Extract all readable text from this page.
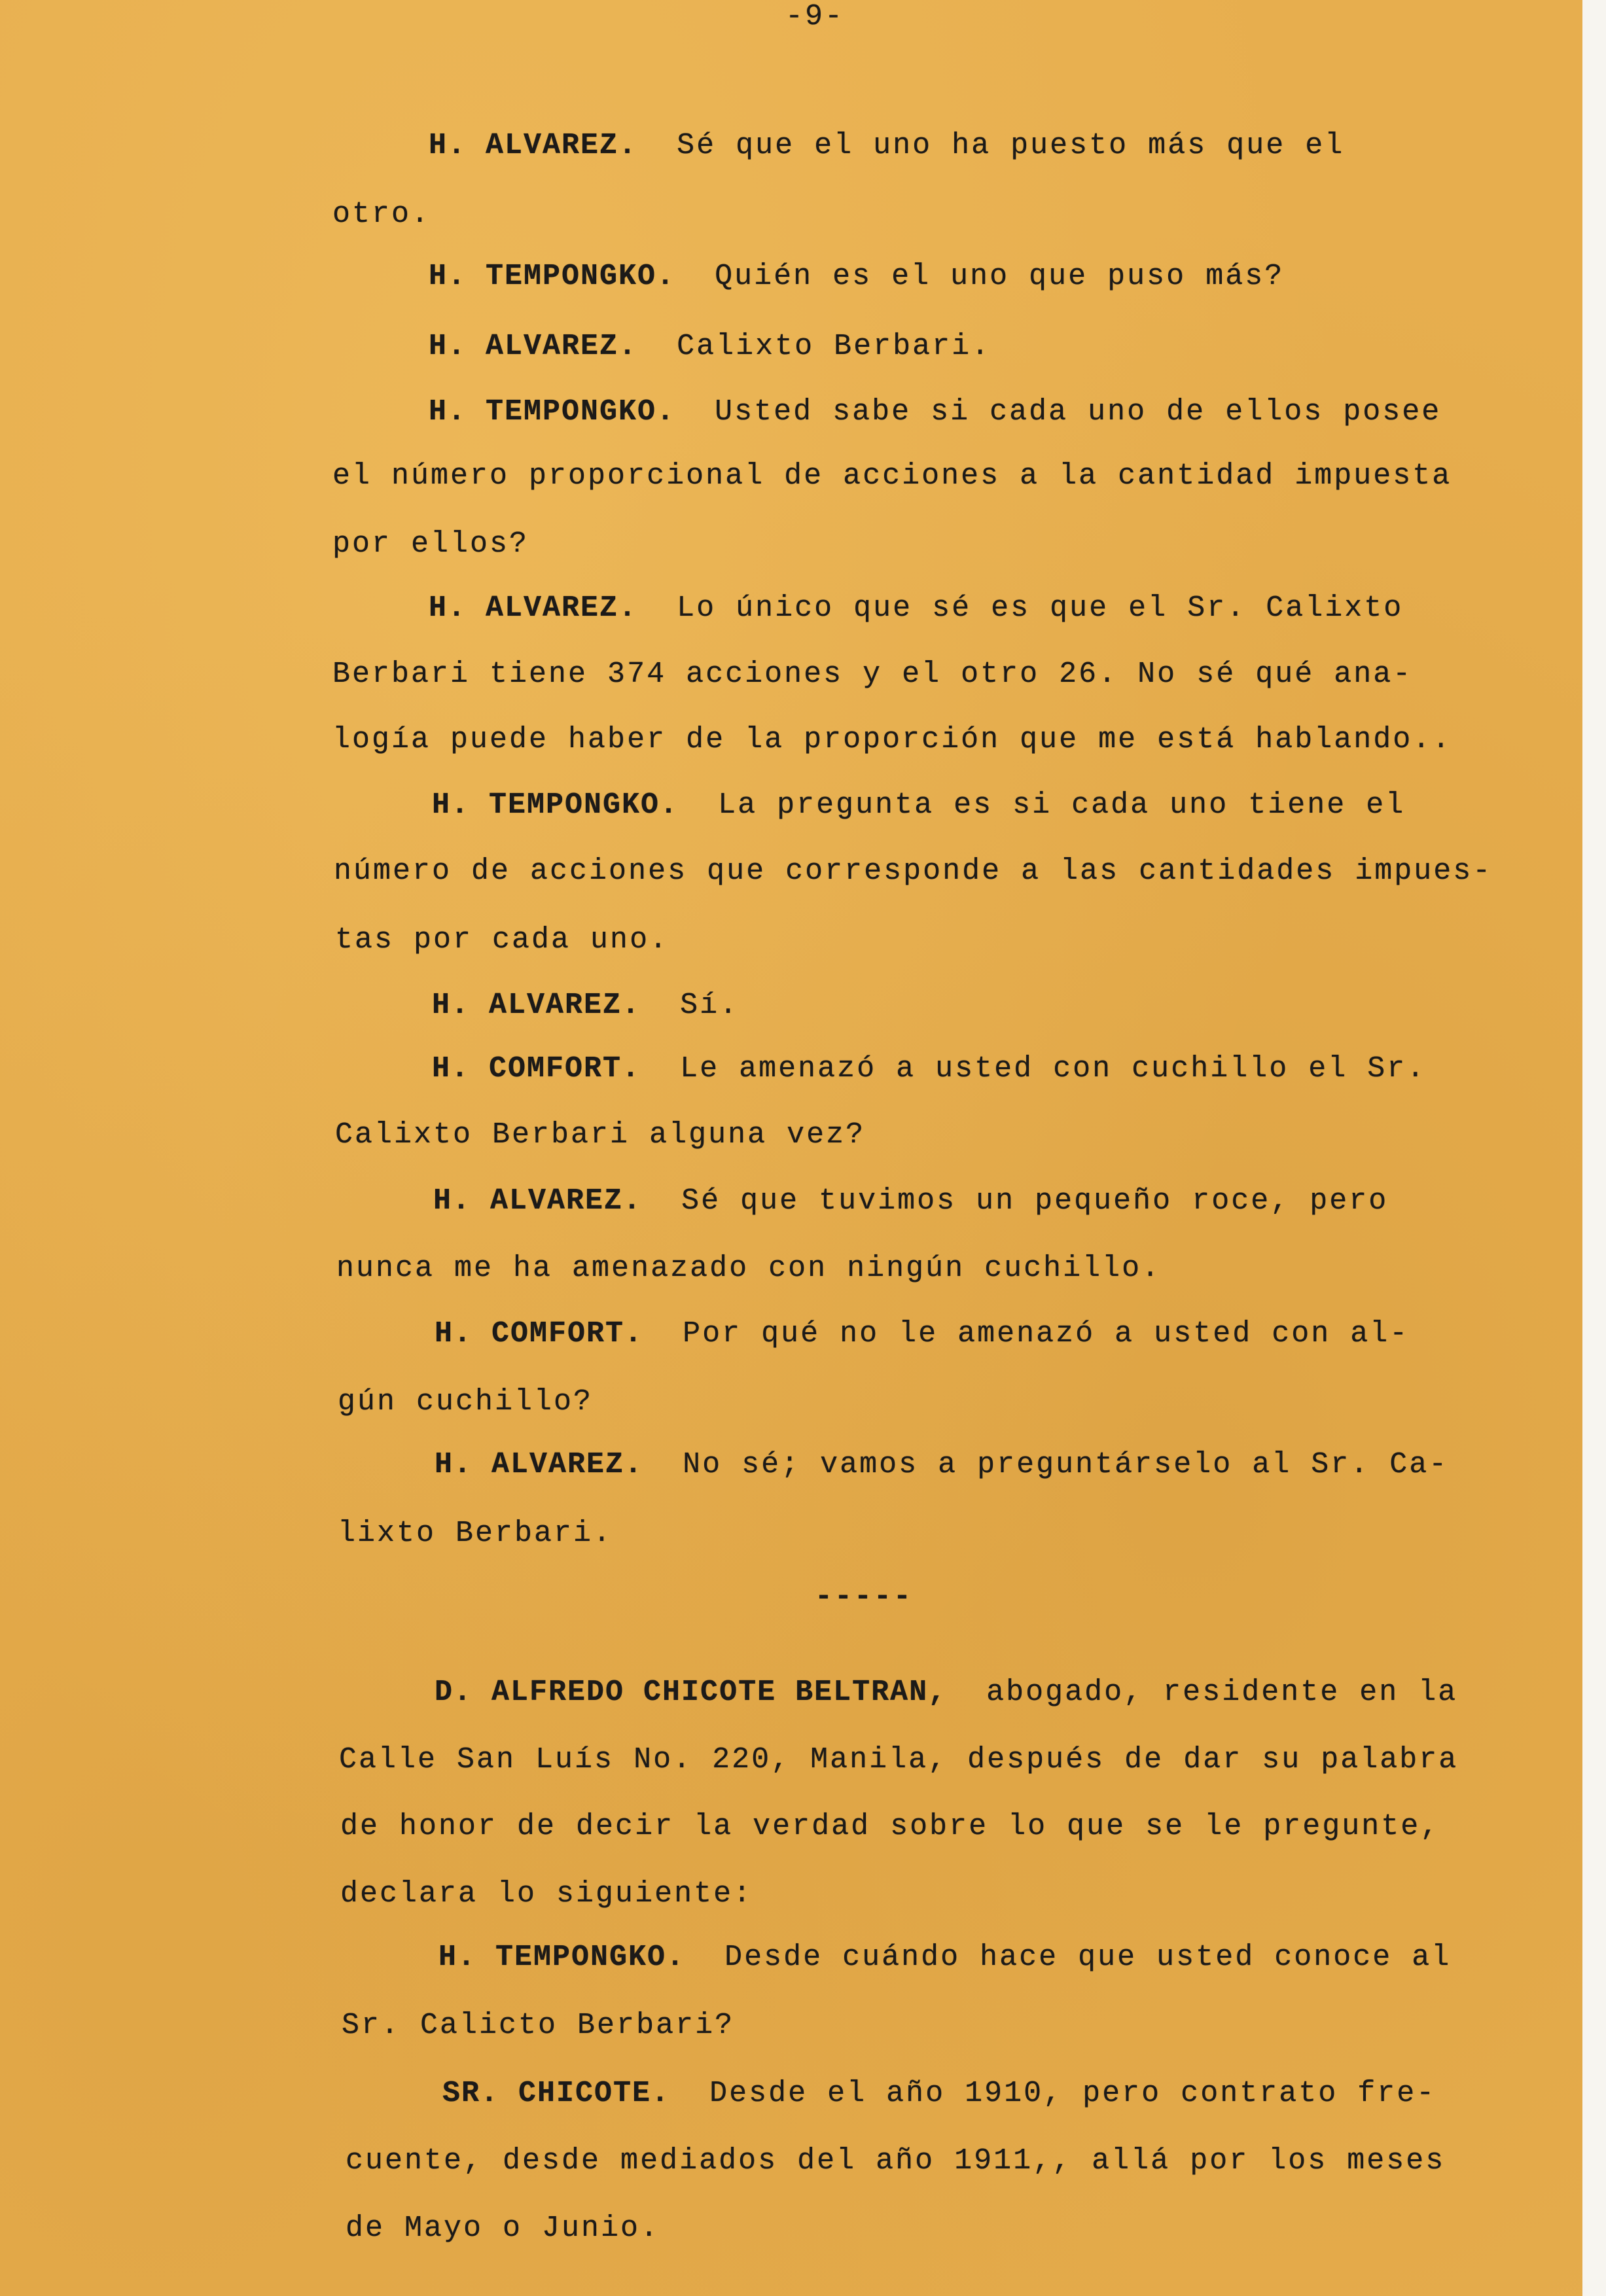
-9-
H. ALVAREZ. Sé que el uno ha puesto más que el
otro.
H. TEMPONGKO. Quién es el uno que puso más?
H. ALVAREZ. Calixto Berbari.
H. TEMPONGKO. Usted sabe si cada uno de ellos posee
el número proporcional de acciones a la cantidad impuesta
por ellos?
H. ALVAREZ. Lo único que sé es que el Sr. Calixto
Berbari tiene 374 acciones y el otro 26. No sé qué ana-
logía puede haber de la proporción que me está hablando..
H. TEMPONGKO. La pregunta es si cada uno tiene el
número de acciones que corresponde a las cantidades impues-
tas por cada uno.
H. ALVAREZ. Sí.
H. COMFORT. Le amenazó a usted con cuchillo el Sr.
Calixto Berbari alguna vez?
H. ALVAREZ. Sé que tuvimos un pequeño roce, pero
nunca me ha amenazado con ningún cuchillo.
H. COMFORT. Por qué no le amenazó a usted con al-
gún cuchillo?
H. ALVAREZ. No sé; vamos a preguntárselo al Sr. Ca-
lixto Berbari.
-----
D. ALFREDO CHICOTE BELTRAN, abogado, residente en la
Calle San Luís No. 220, Manila, después de dar su palabra
de honor de decir la verdad sobre lo que se le pregunte,
declara lo siguiente:
H. TEMPONGKO. Desde cuándo hace que usted conoce al
Sr. Calicto Berbari?
SR. CHICOTE. Desde el año 1910, pero contrato fre-
cuente, desde mediados del año 1911,, allá por los meses
de Mayo o Junio.
